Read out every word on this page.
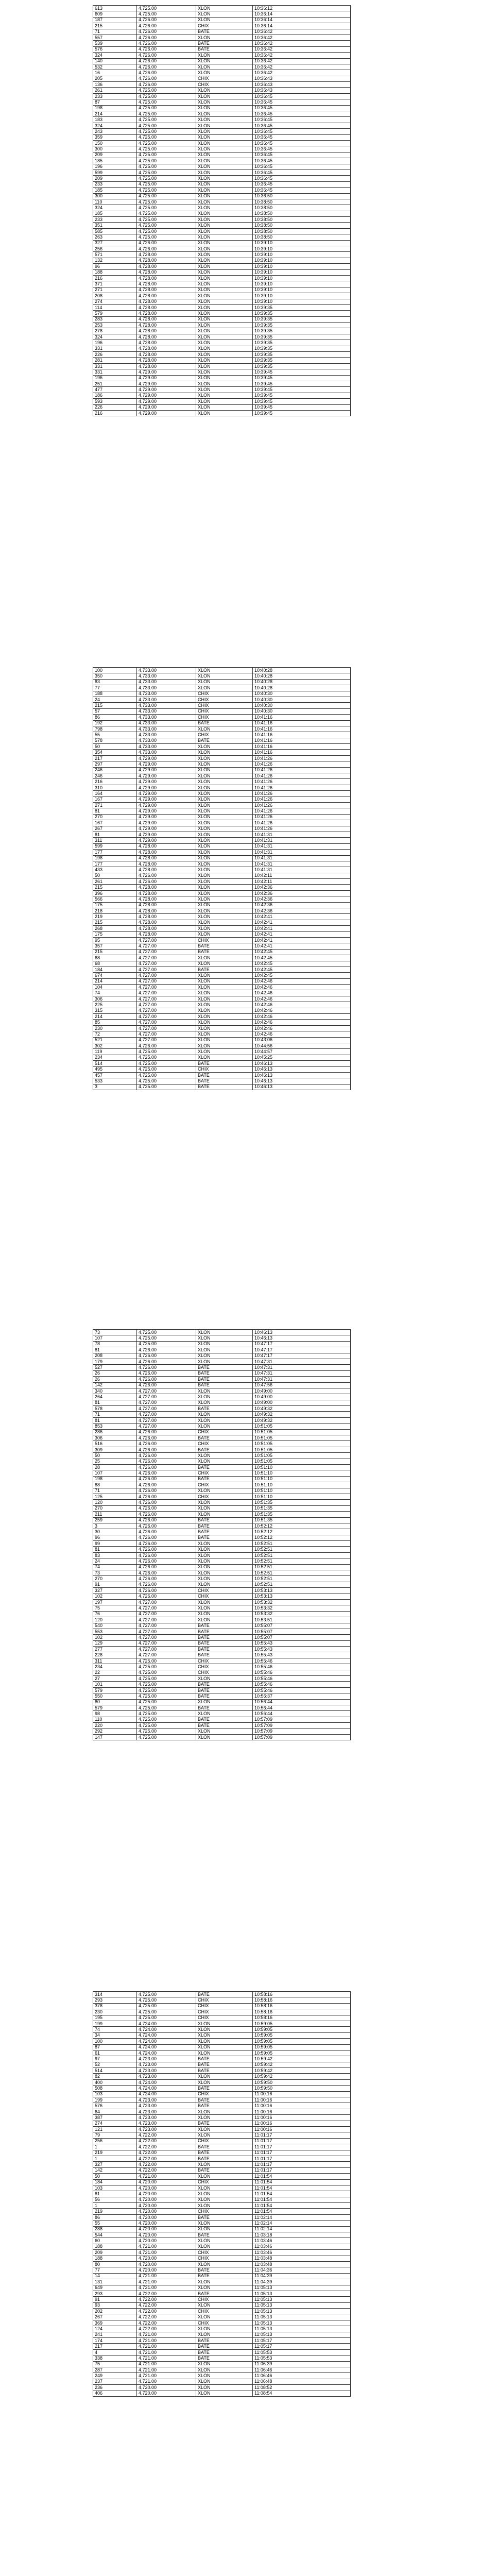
613	4,725.00	XLON	10:36:12
609	4,725.00	XLON	10:36:14
187	4,726.00	XLON	10:36:14
215	4,726.00	CHIX	10:36:14
71	4,726.00	BATE	10:36:42
557	4,726.00	XLON	10:36:42
539	4,726.00	BATE	10:36:42
576	4,726.00	BATE	10:36:42
324	4,726.00	XLON	10:36:42
140	4,726.00	XLON	10:36:42
532	4,726.00	XLON	10:36:42
16	4,726.00	XLON	10:36:42
205	4,726.00	CHIX	10:36:43
136	4,726.00	CHIX	10:36:43
261	4,725.00	XLON	10:36:43
233	4,725.00	XLON	10:36:45
87	4,725.00	XLON	10:36:45
198	4,725.00	XLON	10:36:45
214	4,725.00	XLON	10:36:45
183	4,725.00	XLON	10:36:45
324	4,725.00	XLON	10:36:45
243	4,725.00	XLON	10:36:45
359	4,725.00	XLON	10:36:45
150	4,725.00	XLON	10:36:45
300	4,725.00	XLON	10:36:45
209	4,725.00	XLON	10:36:45
185	4,725.00	XLON	10:36:45
196	4,725.00	XLON	10:36:45
599	4,725.00	XLON	10:36:45
209	4,725.00	XLON	10:36:45
233	4,725.00	XLON	10:36:45
185	4,725.00	XLON	10:36:45
300	4,725.00	XLON	10:36:50
110	4,725.00	XLON	10:38:50
324	4,725.00	XLON	10:38:50
185	4,725.00	XLON	10:38:50
233	4,725.00	XLON	10:38:50
351	4,725.00	XLON	10:38:50
585	4,725.00	XLON	10:38:50
263	4,725.00	XLON	10:38:50
327	4,726.00	XLON	10:39:10
256	4,726.00	XLON	10:39:10
571	4,728.00	XLON	10:39:10
132	4,728.00	XLON	10:39:10
96	4,728.00	XLON	10:39:10
188	4,728.00	XLON	10:39:10
216	4,728.00	XLON	10:39:10
371	4,728.00	XLON	10:39:10
271	4,728.00	XLON	10:39:10
208	4,728.00	XLON	10:39:10
274	4,728.00	XLON	10:39:10
114	4,728.00	XLON	10:39:35
579	4,728.00	XLON	10:39:35
283	4,728.00	XLON	10:39:35
253	4,728.00	XLON	10:39:35
278	4,728.00	XLON	10:39:35
324	4,728.00	XLON	10:39:35
196	4,728.00	XLON	10:39:35
331	4,728.00	XLON	10:39:35
226	4,728.00	XLON	10:39:35
281	4,728.00	XLON	10:39:35
331	4,728.00	XLON	10:39:35
331	4,729.00	XLON	10:39:45
196	4,729.00	XLON	10:39:45
251	4,729.00	XLON	10:39:45
477	4,729.00	XLON	10:39:45
186	4,729.00	XLON	10:39:45
593	4,729.00	XLON	10:39:45
226	4,729.00	XLON	10:39:45
216	4,729.00	XLON	10:39:45
100	4,733.00	XLON	10:40:28
350	4,733.00	XLON	10:40:28
83	4,733.00	XLON	10:40:28
77	4,733.00	XLON	10:40:28
188	4,733.00	CHIX	10:40:30
24	4,733.00	CHIX	10:40:30
215	4,733.00	CHIX	10:40:30
57	4,733.00	CHIX	10:40:30
86	4,733.00	CHIX	10:41:16
192	4,733.00	BATE	10:41:16
798	4,733.00	XLON	10:41:16
55	4,733.00	CHIX	10:41:16
578	4,733.00	BATE	10:41:16
50	4,733.00	XLON	10:41:16
354	4,733.00	XLON	10:41:16
217	4,729.00	XLON	10:41:26
297	4,729.00	XLON	10:41:26
246	4,729.00	XLON	10:41:26
246	4,729.00	XLON	10:41:26
216	4,729.00	XLON	10:41:26
310	4,729.00	XLON	10:41:26
164	4,729.00	XLON	10:41:26
167	4,729.00	XLON	10:41:26
271	4,729.00	XLON	10:41:26
81	4,729.00	XLON	10:41:26
270	4,729.00	XLON	10:41:26
167	4,729.00	XLON	10:41:26
267	4,729.00	XLON	10:41:26
81	4,729.00	XLON	10:41:31
311	4,729.00	XLON	10:41:31
599	4,728.00	XLON	10:41:31
177	4,728.00	XLON	10:41:31
198	4,728.00	XLON	10:41:31
177	4,728.00	XLON	10:41:31
433	4,728.00	XLON	10:41:31
50	4,726.00	XLON	10:42:11
261	4,726.00	XLON	10:42:11
215	4,728.00	XLON	10:42:36
396	4,728.00	XLON	10:42:36
566	4,728.00	XLON	10:42:36
175	4,728.00	XLON	10:42:36
218	4,728.00	XLON	10:42:36
219	4,728.00	XLON	10:42:41
215	4,728.00	XLON	10:42:41
268	4,728.00	XLON	10:42:41
175	4,728.00	XLON	10:42:41
95	4,727.00	CHIX	10:42:41
357	4,727.00	BATE	10:42:41
215	4,727.00	BATE	10:42:45
68	4,727.00	XLON	10:42:45
68	4,727.00	XLON	10:42:45
184	4,727.00	BATE	10:42:45
674	4,727.00	XLON	10:42:45
214	4,727.00	XLON	10:42:46
104	4,727.00	XLON	10:42:46
74	4,727.00	XLON	10:42:46
306	4,727.00	XLON	10:42:46
225	4,727.00	XLON	10:42:46
315	4,727.00	XLON	10:42:46
214	4,727.00	XLON	10:42:46
85	4,727.00	XLON	10:42:46
230	4,727.00	XLON	10:42:46
72	4,727.00	XLON	10:42:46
521	4,727.00	XLON	10:43:06
302	4,726.00	XLON	10:44:56
119	4,725.00	XLON	10:44:57
234	4,725.00	XLON	10:45:25
514	4,725.00	BATE	10:46:13
495	4,725.00	CHIX	10:46:13
457	4,725.00	BATE	10:46:13
533	4,725.00	BATE	10:46:13
3	4,725.00	BATE	10:46:13
73	4,725.00	XLON	10:46:13
107	4,725.00	XLON	10:46:13
78	4,725.00	XLON	10:47:17
81	4,726.00	XLON	10:47:17
208	4,726.00	XLON	10:47:17
179	4,726.00	XLON	10:47:31
527	4,726.00	BATE	10:47:31
26	4,726.00	BATE	10:47:31
26	4,726.00	BATE	10:47:31
142	4,726.00	BATE	10:47:56
340	4,727.00	XLON	10:49:00
264	4,727.00	XLON	10:49:00
81	4,727.00	XLON	10:49:00
578	4,727.00	BATE	10:49:32
71	4,727.00	XLON	10:49:32
81	4,727.00	XLON	10:49:32
853	4,727.00	XLON	10:51:05
286	4,726.00	CHIX	10:51:05
306	4,726.00	BATE	10:51:05
516	4,726.00	CHIX	10:51:05
309	4,726.00	BATE	10:51:05
50	4,726.00	XLON	10:51:05
25	4,726.00	XLON	10:51:05
28	4,726.00	BATE	10:51:10
107	4,726.00	CHIX	10:51:10
198	4,726.00	BATE	10:51:10
88	4,726.00	CHIX	10:51:10
71	4,726.00	XLON	10:51:10
125	4,726.00	CHIX	10:51:10
120	4,726.00	XLON	10:51:35
270	4,726.00	XLON	10:51:35
211	4,726.00	XLON	10:51:35
259	4,726.00	BATE	10:51:35
3	4,726.00	BATE	10:52:12
30	4,726.00	BATE	10:52:12
96	4,726.00	BATE	10:52:12
99	4,726.00	XLON	10:52:51
81	4,726.00	XLON	10:52:51
83	4,726.00	XLON	10:52:51
24	4,726.00	XLON	10:52:51
74	4,726.00	XLON	10:52:51
73	4,726.00	XLON	10:52:51
270	4,726.00	XLON	10:52:51
91	4,726.00	XLON	10:52:51
327	4,726.00	CHIX	10:53:13
102	4,726.00	CHIX	10:53:13
197	4,727.00	XLON	10:53:32
75	4,727.00	XLON	10:53:32
76	4,727.00	XLON	10:53:32
120	4,727.00	XLON	10:53:51
540	4,727.00	BATE	10:55:07
553	4,727.00	BATE	10:55:07
102	4,727.00	BATE	10:55:07
129	4,727.00	BATE	10:55:43
277	4,727.00	BATE	10:55:43
228	4,727.00	BATE	10:55:43
311	4,725.00	CHIX	10:55:46
234	4,725.00	CHIX	10:55:46
22	4,725.00	CHIX	10:55:46
27	4,725.00	XLON	10:55:46
101	4,725.00	BATE	10:55:46
579	4,725.00	BATE	10:55:46
550	4,725.00	BATE	10:56:37
80	4,725.00	XLON	10:56:44
579	4,725.00	BATE	10:56:44
98	4,725.00	XLON	10:56:44
110	4,725.00	BATE	10:57:09
220	4,725.00	BATE	10:57:09
292	4,725.00	XLON	10:57:09
147	4,725.00	XLON	10:57:09
314	4,725.00	BATE	10:58:16
293	4,725.00	CHIX	10:58:16
378	4,725.00	CHIX	10:58:16
230	4,725.00	CHIX	10:58:16
195	4,725.00	CHIX	10:58:16
199	4,724.00	XLON	10:59:05
74	4,724.00	XLON	10:59:05
34	4,724.00	XLON	10:59:05
100	4,724.00	XLON	10:59:05
87	4,724.00	XLON	10:59:05
61	4,724.00	XLON	10:59:05
97	4,723.00	BATE	10:59:42
52	4,723.00	BATE	10:59:42
514	4,723.00	BATE	10:59:42
82	4,723.00	XLON	10:59:42
400	4,724.00	XLON	10:59:50
508	4,724.00	BATE	10:59:50
103	4,724.00	CHIX	11:00:16
199	4,723.00	BATE	11:00:16
576	4,723.00	BATE	11:00:16
64	4,723.00	XLON	11:00:16
387	4,723.00	XLON	11:00:16
274	4,723.00	BATE	11:00:16
121	4,723.00	XLON	11:00:16
79	4,722.00	XLON	11:01:17
256	4,722.00	CHIX	11:01:17
1	4,722.00	BATE	11:01:17
219	4,722.00	BATE	11:01:17
1	4,722.00	BATE	11:01:17
327	4,722.00	XLON	11:01:17
142	4,722.00	BATE	11:01:17
50	4,721.00	XLON	11:01:54
184	4,720.00	CHIX	11:01:54
103	4,720.00	XLON	11:01:54
81	4,720.00	XLON	11:01:54
56	4,720.00	XLON	11:01:54
1	4,720.00	XLON	11:01:54
219	4,720.00	CHIX	11:01:54
86	4,720.00	BATE	11:02:14
55	4,720.00	XLON	11:02:14
288	4,720.00	XLON	11:02:14
544	4,720.00	BATE	11:03:18
60	4,720.00	XLON	11:03:46
188	4,721.00	XLON	11:03:46
209	4,721.00	CHIX	11:03:46
188	4,720.00	CHIX	11:03:48
80	4,720.00	XLON	11:03:48
77	4,720.00	BATE	11:04:36
14	4,721.00	BATE	11:04:39
131	4,721.00	XLON	11:04:39
649	4,721.00	XLON	11:05:13
293	4,722.00	BATE	11:05:13
91	4,722.00	CHIX	11:05:13
93	4,722.00	XLON	11:05:13
202	4,722.00	CHIX	11:05:13
267	4,722.00	XLON	11:05:13
369	4,722.00	CHIX	11:05:13
124	4,722.00	XLON	11:05:13
241	4,721.00	XLON	11:05:13
174	4,721.00	BATE	11:05:17
217	4,721.00	BATE	11:05:17
4	4,721.00	BATE	11:05:53
338	4,721.00	BATE	11:05:53
75	4,721.00	XLON	11:06:39
287	4,721.00	XLON	11:06:46
249	4,721.00	XLON	11:06:46
237	4,721.00	XLON	11:06:48
236	4,720.00	XLON	11:08:52
406	4,720.00	XLON	11:08:54
